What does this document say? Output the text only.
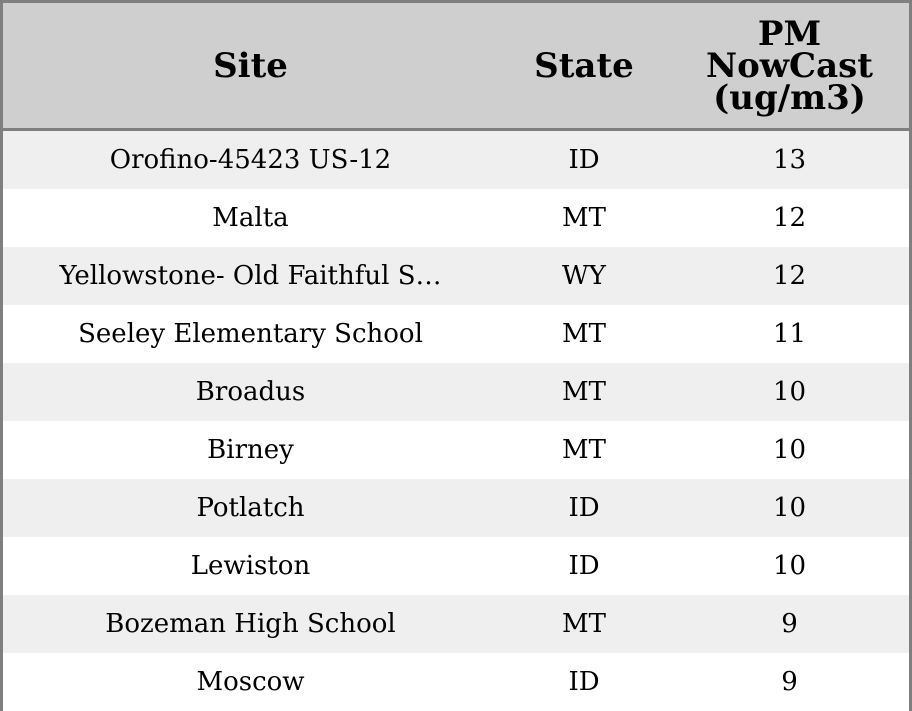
Site	State	PM
NowCast
(ug/m3)

Orofino-45423 US-12	ID	13
Malta	MT	12
Yellowstone- Old Faithful S…	WY	12
Seeley Elementary School	MT	11
Broadus	MT	10
Birney	MT	10
Potlatch	ID	10
Lewiston	ID	10
Bozeman High School	MT	9
Moscow	ID	9
